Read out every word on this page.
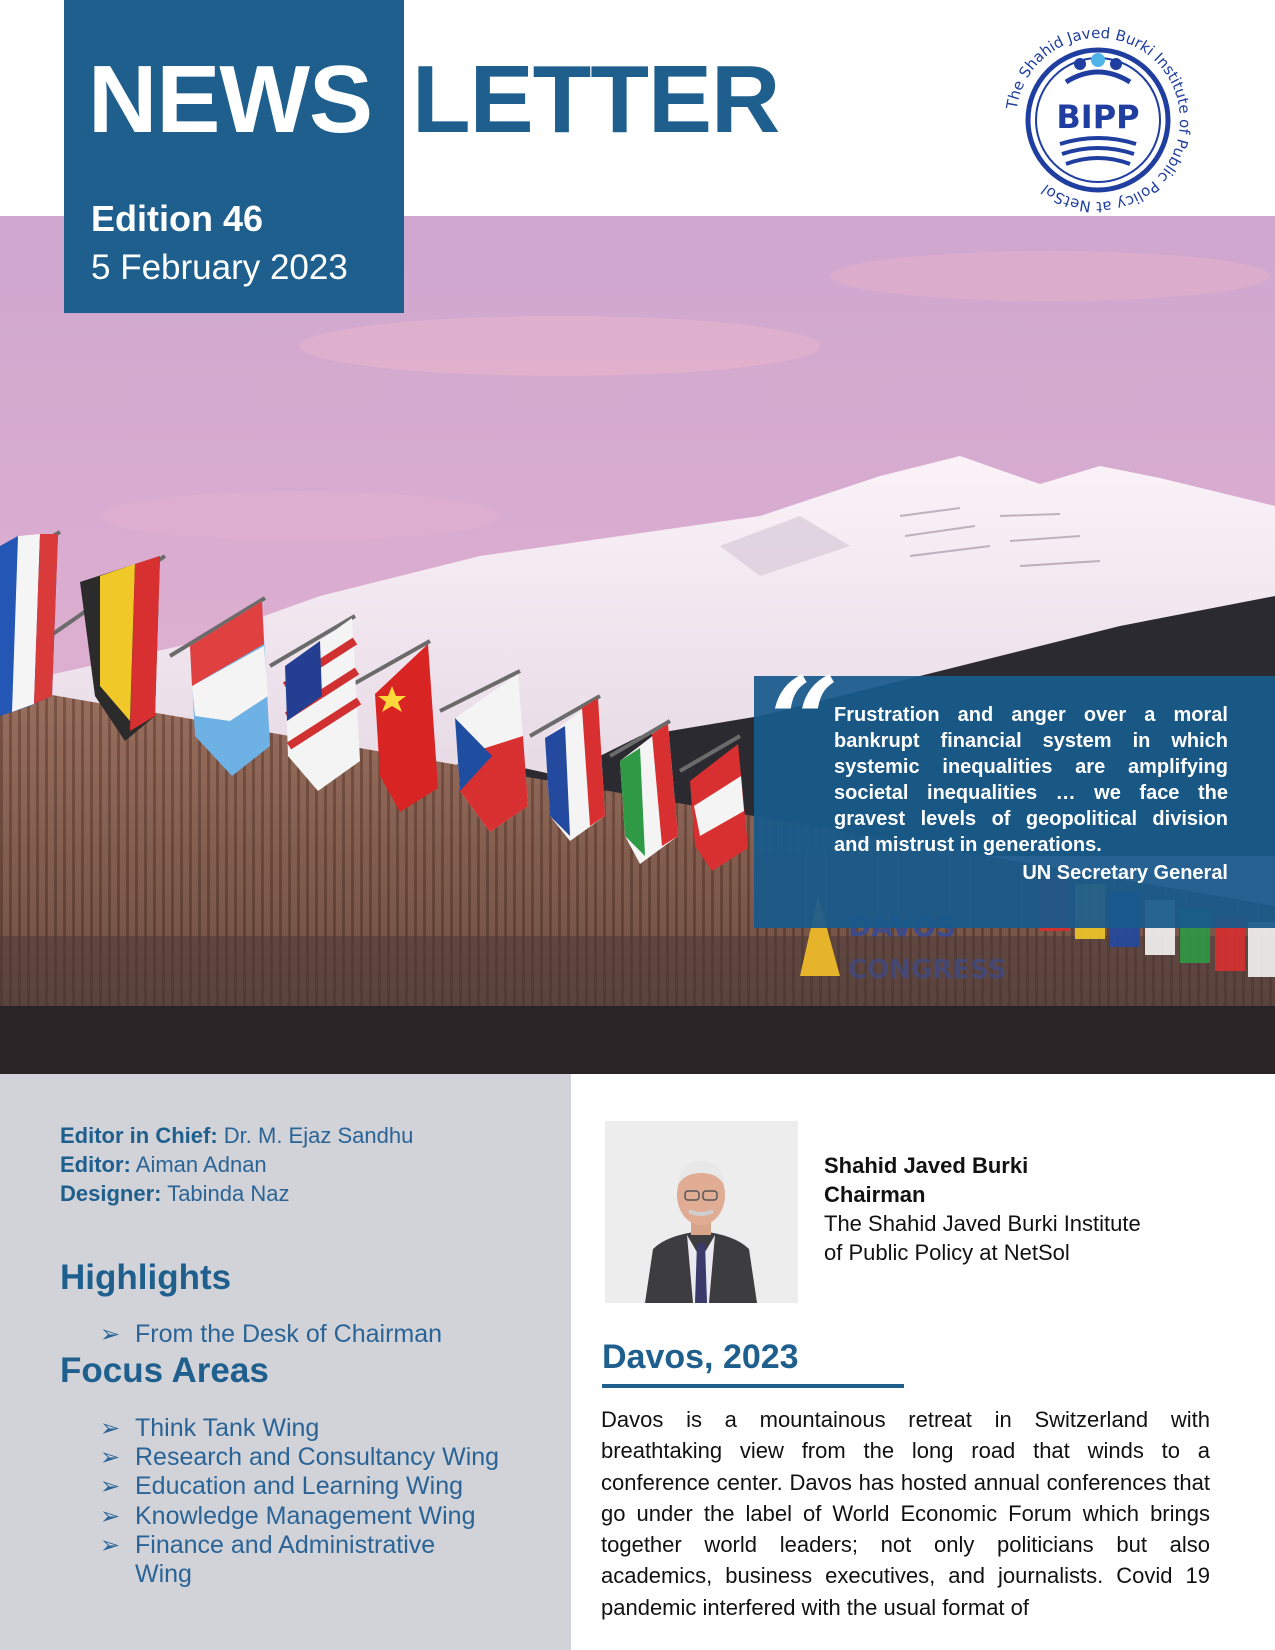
NEWS LETTER
Edition 46
5 February 2023
The Shahid Javed Burki Institute of Public Policy at NetSol
BIPP
CONGRESS
“
Frustration and anger over a moral bankrupt financial system in which systemic inequalities are amplifying societal inequalities … we face the gravest levels of geopolitical division and mistrust in generations.
UN Secretary General
Editor in Chief: Dr. M. Ejaz Sandhu
Editor: Aiman Adnan
Designer: Tabinda Naz
Highlights
➢ From the Desk of Chairman
Focus Areas
➢ Think Tank Wing
➢ Research and Consultancy Wing
➢ Education and Learning Wing
➢ Knowledge Management Wing
➢ Finance and Administrative
Wing
Shahid Javed Burki
Chairman
The Shahid Javed Burki Institute
of Public Policy at NetSol
Davos, 2023
Davos is a mountainous retreat in Switzerland with breathtaking view from the long road that winds to a conference center. Davos has hosted annual conferences that go under the label of World Economic Forum which brings together world leaders; not only politicians but also academics, business executives, and journalists. Covid 19 pandemic interfered with the usual format of
